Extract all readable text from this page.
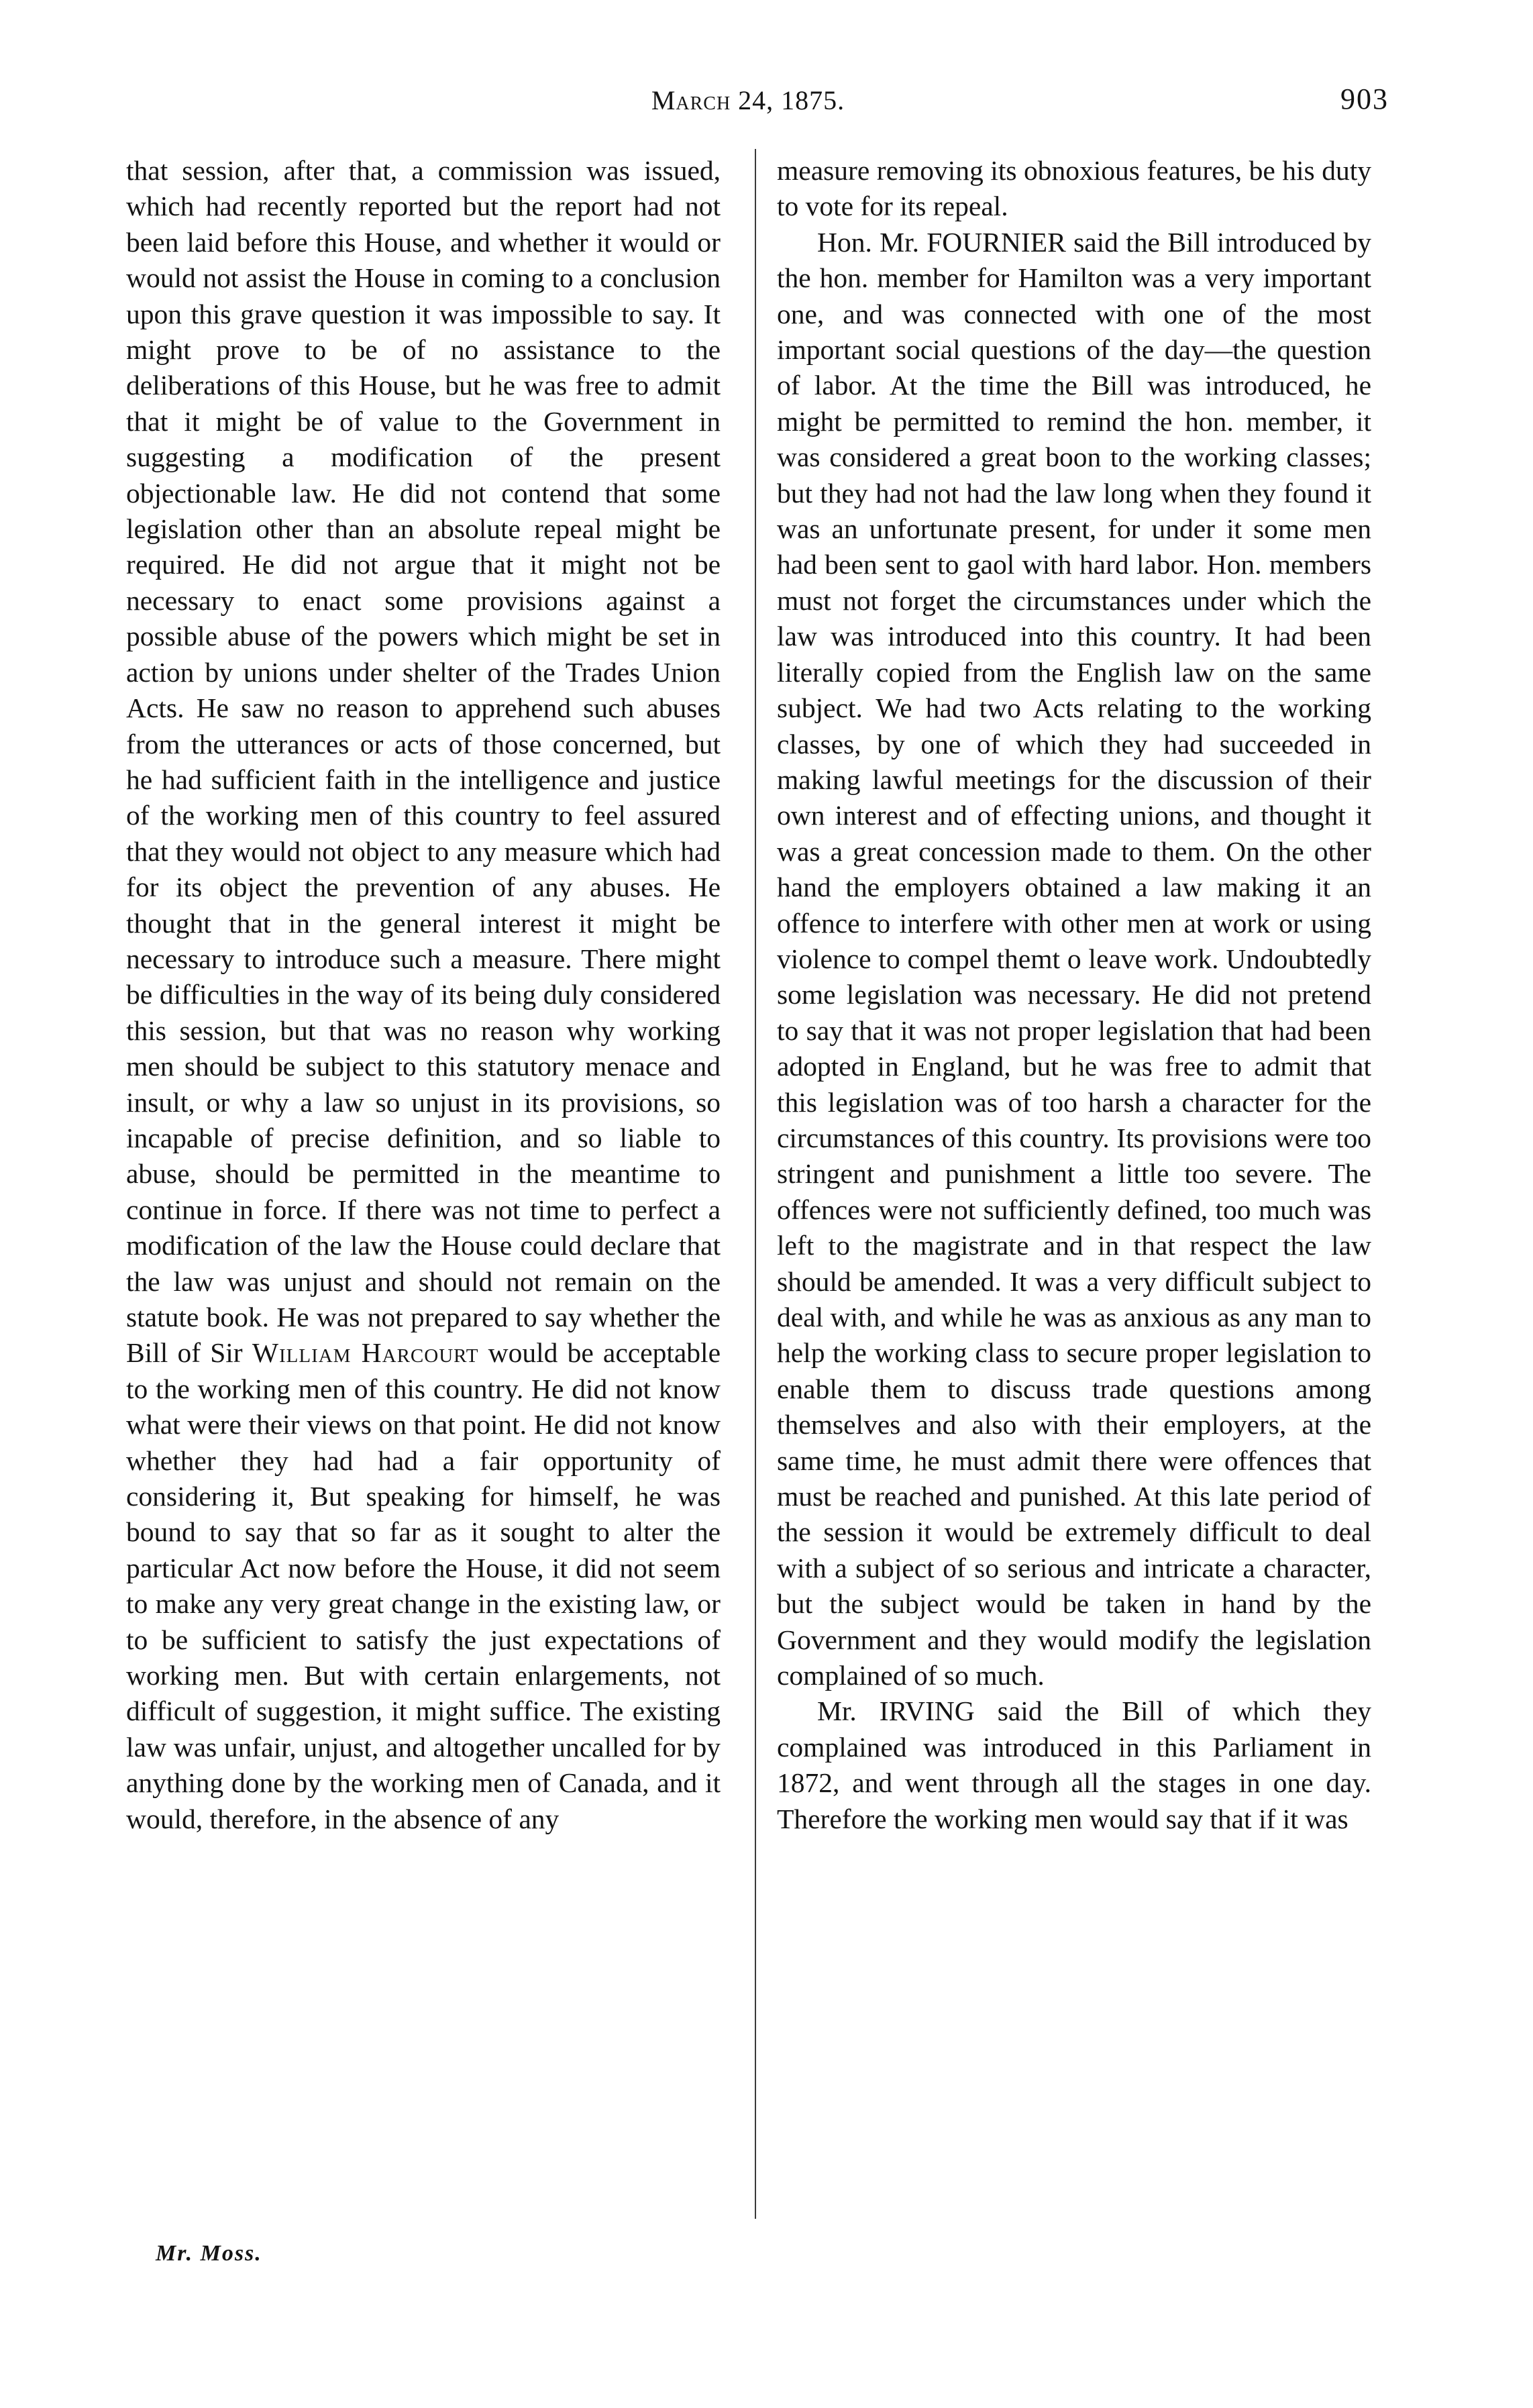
March 24, 1875.	903

that session, after that, a commission was issued, which had recently reported but the report had not been laid before this House, and whether it would or would not assist the House in coming to a conclusion upon this grave question it was impossible to say. It might prove to be of no assistance to the deliberations of this House, but he was free to admit that it might be of value to the Government in suggesting a modification of the present objectionable law. He did not contend that some legislation other than an absolute repeal might be required. He did not argue that it might not be necessary to enact some provisions against a possible abuse of the powers which might be set in action by unions under shelter of the Trades Union Acts. He saw no reason to apprehend such abuses from the utterances or acts of those concerned, but he had sufficient faith in the intelligence and justice of the working men of this country to feel assured that they would not object to any measure which had for its object the prevention of any abuses. He thought that in the general interest it might be necessary to introduce such a measure. There might be difficulties in the way of its being duly considered this session, but that was no reason why working men should be subject to this statutory menace and insult, or why a law so unjust in its provisions, so incapable of precise definition, and so liable to abuse, should be permitted in the meantime to continue in force. If there was not time to perfect a modification of the law the House could declare that the law was unjust and should not remain on the statute book. He was not prepared to say whether the Bill of Sir William Harcourt would be acceptable to the working men of this country. He did not know what were their views on that point. He did not know whether they had had a fair opportunity of considering it, But speaking for himself, he was bound to say that so far as it sought to alter the particular Act now before the House, it did not seem to make any very great change in the existing law, or to be sufficient to satisfy the just expectations of working men. But with certain enlargements, not difficult of suggestion, it might suffice. The existing law was unfair, unjust, and altogether uncalled for by anything done by the working men of Canada, and it would, therefore, in the absence of any

measure removing its obnoxious features, be his duty to vote for its repeal.

Hon. Mr. FOURNIER said the Bill introduced by the hon. member for Hamilton was a very important one, and was connected with one of the most important social questions of the day—the question of labor. At the time the Bill was introduced, he might be permitted to remind the hon. member, it was considered a great boon to the working classes; but they had not had the law long when they found it was an unfortunate present, for under it some men had been sent to gaol with hard labor. Hon. members must not forget the circumstances under which the law was introduced into this country. It had been literally copied from the English law on the same subject. We had two Acts relating to the working classes, by one of which they had succeeded in making lawful meetings for the discussion of their own interest and of effecting unions, and thought it was a great concession made to them. On the other hand the employers obtained a law making it an offence to interfere with other men at work or using violence to compel themt o leave work. Undoubtedly some legislation was necessary. He did not pretend to say that it was not proper legislation that had been adopted in England, but he was free to admit that this legislation was of too harsh a character for the circumstances of this country. Its provisions were too stringent and punishment a little too severe. The offences were not sufficiently defined, too much was left to the magistrate and in that respect the law should be amended. It was a very difficult subject to deal with, and while he was as anxious as any man to help the working class to secure proper legislation to enable them to discuss trade questions among themselves and also with their employers, at the same time, he must admit there were offences that must be reached and punished. At this late period of the session it would be extremely difficult to deal with a subject of so serious and intricate a character, but the subject would be taken in hand by the Government and they would modify the legislation complained of so much.

Mr. IRVING said the Bill of which they complained was introduced in this Parliament in 1872, and went through all the stages in one day. Therefore the working men would say that if it was

Mr. Moss.
